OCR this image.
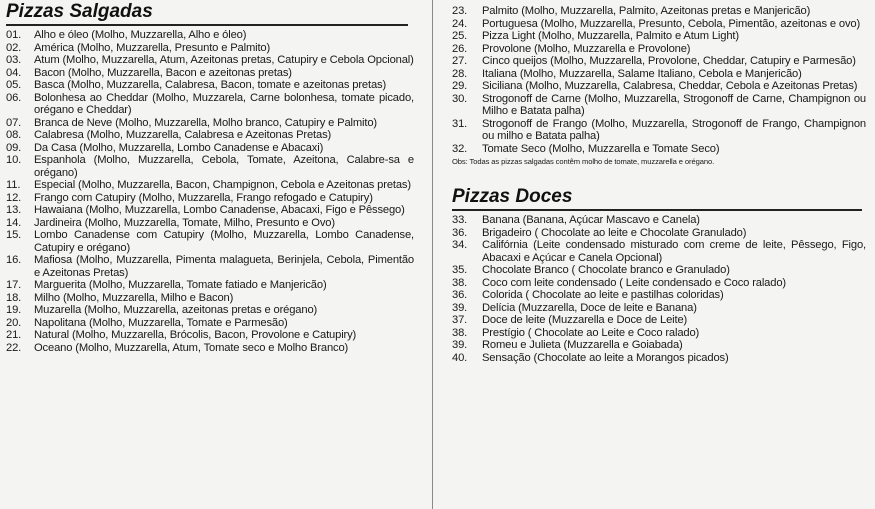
Pizzas Salgadas
01.	Alho e óleo (Molho, Muzzarella, Alho e óleo)
02.	América (Molho, Muzzarella, Presunto e Palmito)
03.	Atum (Molho, Muzzarella, Atum, Azeitonas pretas, Catupiry e Cebola Opcional)
04.	Bacon (Molho, Muzzarella, Bacon e azeitonas pretas)
05.	Basca (Molho, Muzzarella, Calabresa, Bacon, tomate e azeitonas pretas)
06.	Bolonhesa ao Cheddar (Molho, Muzzarela, Carne bolonhesa, tomate picado, orégano e Cheddar)
07.	Branca de Neve (Molho, Muzzarella, Molho branco, Catupiry e Palmito)
08.	Calabresa (Molho, Muzzarella, Calabresa e Azeitonas Pretas)
09.	Da Casa (Molho, Muzzarella, Lombo Canadense e Abacaxi)
10.	Espanhola (Molho, Muzzarella, Cebola, Tomate, Azeitona, Calabre-sa e orégano)
11.	Especial (Molho, Muzzarella, Bacon, Champignon, Cebola e Azeitonas pretas)
12.	Frango com Catupiry (Molho, Muzzarella, Frango refogado e Catupiry)
13.	Hawaiana (Molho, Muzzarella, Lombo Canadense, Abacaxi, Figo e Pêssego)
14.	Jardineira (Molho, Muzzarella, Tomate, Milho, Presunto e Ovo)
15.	Lombo Canadense com Catupiry (Molho, Muzzarella, Lombo Canadense, Catupiry e orégano)
16.	Mafiosa (Molho, Muzzarella, Pimenta malagueta, Berinjela, Cebola, Pimentão e Azeitonas Pretas)
17.	Marguerita (Molho, Muzzarella, Tomate fatiado e Manjericão)
18.	Milho (Molho, Muzzarella, Milho e Bacon)
19.	Muzarella (Molho, Muzzarella, azeitonas pretas e orégano)
20.	Napolitana (Molho, Muzzarella, Tomate e Parmesão)
21.	Natural (Molho, Muzzarella, Brócolis, Bacon, Provolone e Catupiry)
22.	Oceano (Molho, Muzzarella, Atum, Tomate seco e Molho Branco)
23.	Palmito (Molho, Muzzarella, Palmito, Azeitonas pretas e Manjericão)
24.	Portuguesa (Molho, Muzzarella, Presunto, Cebola, Pimentão, azeitonas e ovo)
25.	Pizza Light (Molho, Muzzarella, Palmito e Atum Light)
26.	Provolone (Molho, Muzzarella e Provolone)
27.	Cinco queijos (Molho, Muzzarella, Provolone, Cheddar, Catupiry e Parmesão)
28.	Italiana (Molho, Muzzarella, Salame Italiano, Cebola e Manjericão)
29.	Siciliana (Molho, Muzzarella, Calabresa, Cheddar, Cebola e Azeitonas Pretas)
30.	Strogonoff de Carne (Molho, Muzzarella, Strogonoff de Carne, Champignon ou Milho e Batata palha)
31.	Strogonoff de Frango (Molho, Muzzarella, Strogonoff de Frango, Champignon ou milho e Batata palha)
32.	Tomate Seco (Molho, Muzzarella e Tomate Seco)
Obs: Todas as pizzas salgadas contêm molho de tomate, muzzarella e orégano.
Pizzas Doces
33.	Banana (Banana, Açúcar Mascavo e Canela)
36.	Brigadeiro ( Chocolate ao leite e Chocolate Granulado)
34.	Califórnia (Leite condensado misturado com creme de leite, Pêssego, Figo, Abacaxi e Açúcar e Canela Opcional)
35.	Chocolate Branco ( Chocolate branco e Granulado)
38.	Coco com leite condensado ( Leite condensado e Coco ralado)
36.	Colorida ( Chocolate ao leite e pastilhas coloridas)
39.	Delícia (Muzzarella, Doce de leite e Banana)
37.	Doce de leite (Muzzarella e Doce de Leite)
38.	Prestígio ( Chocolate ao Leite e Coco ralado)
39.	Romeu e Julieta (Muzzarella e Goiabada)
40.	Sensação (Chocolate ao leite a Morangos picados)
